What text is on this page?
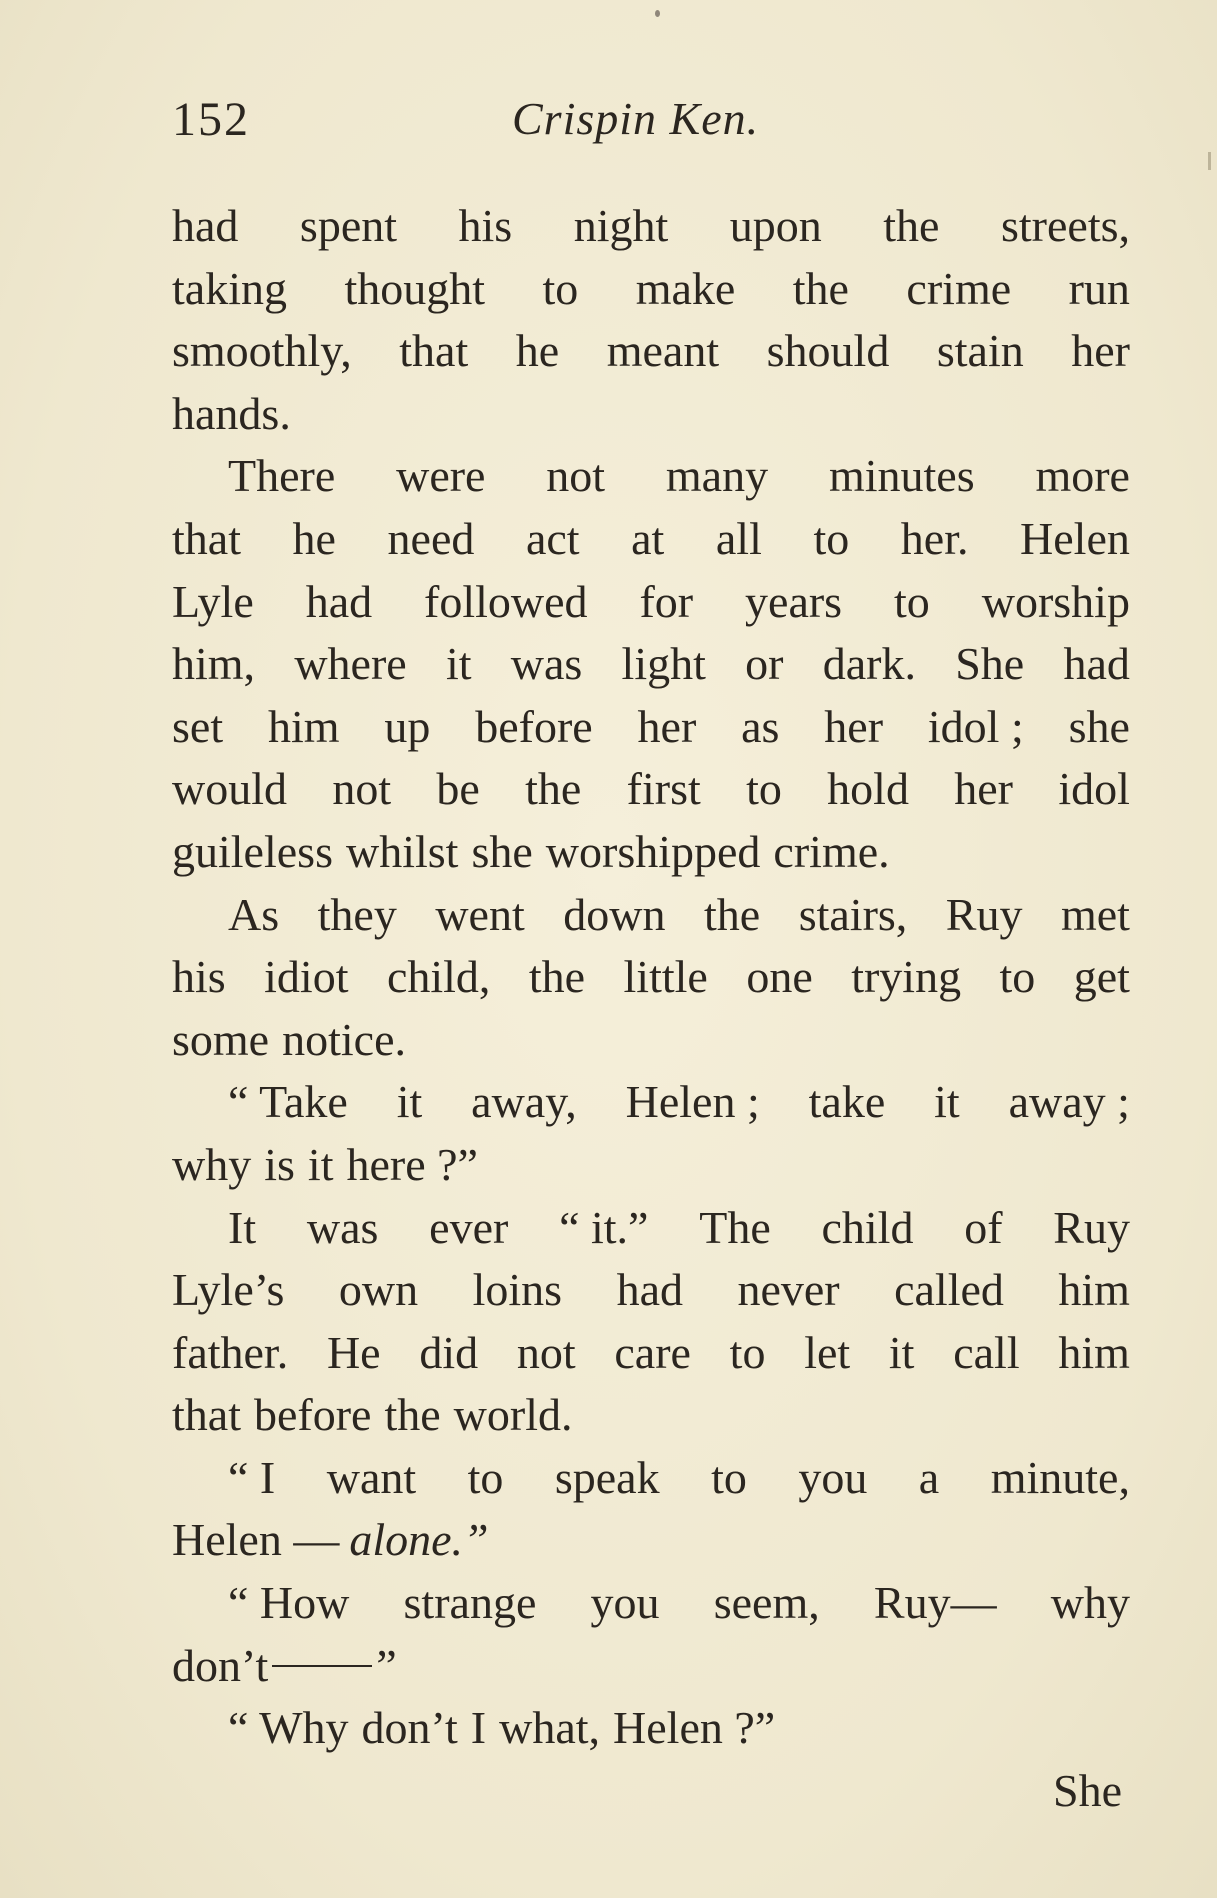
152	Crispin Ken.
had spent his night upon the streets,
taking thought to make the crime run
smoothly, that he meant should stain her
hands.
There were not many minutes more
that he need act at all to her. Helen
Lyle had followed for years to worship
him, where it was light or dark. She had
set him up before her as her idol ; she
would not be the first to hold her idol
guileless whilst she worshipped crime.
As they went down the stairs, Ruy met
his idiot child, the little one trying to get
some notice.
“ Take it away, Helen ; take it away ;
why is it here ?”
It was ever “ it.” The child of Ruy
Lyle’s own loins had never called him
father. He did not care to let it call him
that before the world.
“ I want to speak to you a minute,
Helen — alone.”
“ How strange you seem, Ruy— why
don’t ”
“ Why don’t I what, Helen ?”
She
